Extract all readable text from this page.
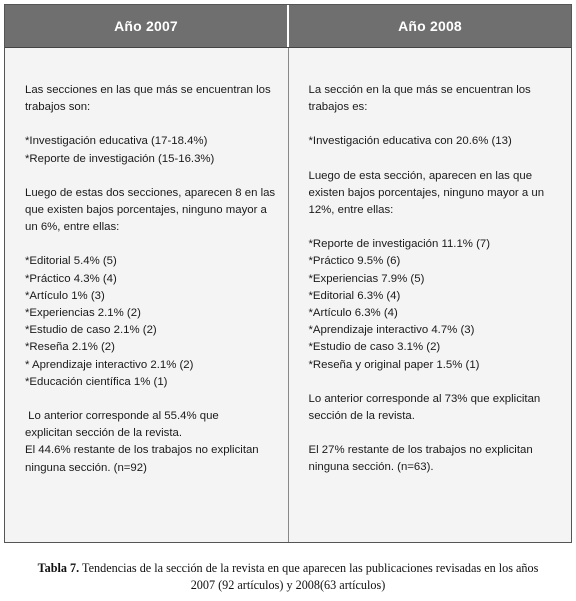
Año 2007	Año 2008
Las secciones en las que más se encuentran los
trabajos son:
*Investigación educativa (17-18.4%)
*Reporte de investigación (15-16.3%)
Luego de estas dos secciones, aparecen 8 en las
que existen bajos porcentajes, ninguno mayor a
un 6%, entre ellas:
*Editorial 5.4% (5)
*Práctico 4.3% (4)
*Artículo 1% (3)
*Experiencias 2.1% (2)
*Estudio de caso 2.1% (2)
*Reseña 2.1% (2)
* Aprendizaje interactivo 2.1% (2)
*Educación científica 1% (1)
Lo anterior corresponde al 55.4% que
explicitan sección de la revista.
El 44.6% restante de los trabajos no explicitan
ninguna sección. (n=92)
La sección en la que más se encuentran los
trabajos es:
*Investigación educativa con 20.6% (13)
Luego de esta sección, aparecen en las que
existen bajos porcentajes, ninguno mayor a un
12%, entre ellas:
*Reporte de investigación 11.1% (7)
*Práctico 9.5% (6)
*Experiencias 7.9% (5)
*Editorial 6.3% (4)
*Artículo 6.3% (4)
*Aprendizaje interactivo 4.7% (3)
*Estudio de caso 3.1% (2)
*Reseña y original paper 1.5% (1)
Lo anterior corresponde al 73% que explicitan
sección de la revista.
El 27% restante de los trabajos no explicitan
ninguna sección. (n=63).
Tabla 7. Tendencias de la sección de la revista en que aparecen las publicaciones revisadas en los años
2007 (92 artículos) y 2008(63 artículos)
